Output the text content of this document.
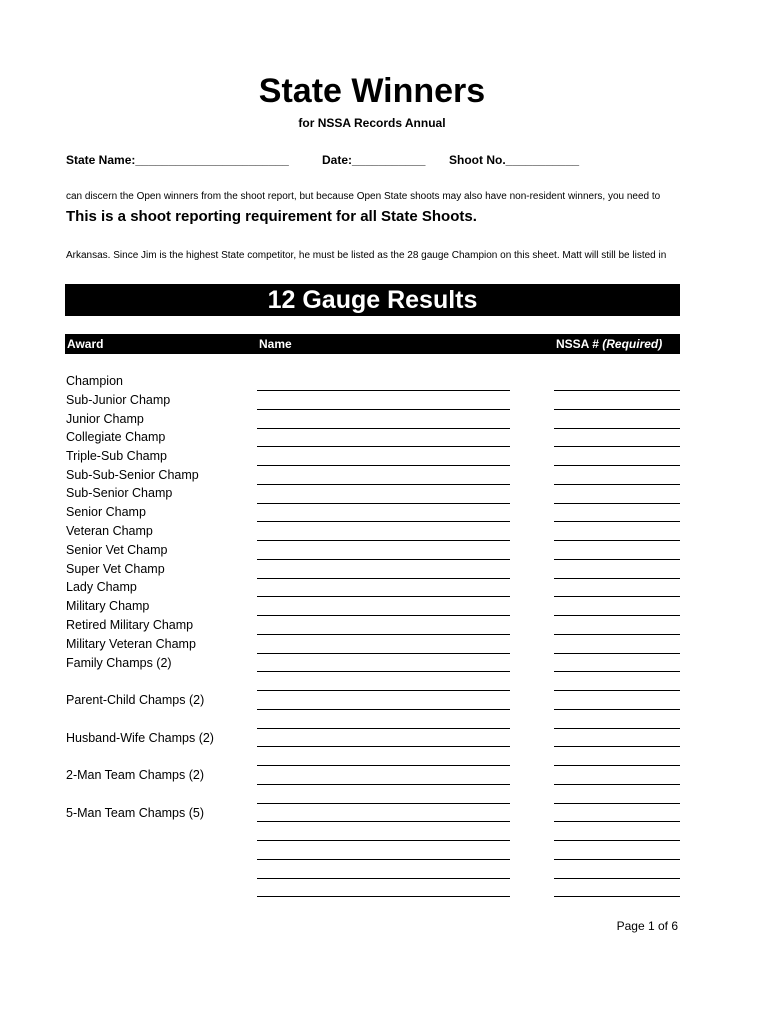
State Winners
for NSSA Records Annual
State Name:_______________________	Date:___________ Shoot No.___________
can discern the Open winners from the shoot report, but because Open State shoots may also have non-resident winners, you need to
This is a shoot reporting requirement for all State Shoots.
Arkansas. Since Jim is the highest State competitor, he must be listed as the 28 gauge Champion on this sheet. Matt will still be listed in
12 Gauge Results
Award	Name	NSSA # (Required)
Champion
Sub-Junior Champ
Junior Champ
Collegiate Champ
Triple-Sub Champ
Sub-Sub-Senior Champ
Sub-Senior Champ
Senior Champ
Veteran Champ
Senior Vet Champ
Super Vet Champ
Lady Champ
Military Champ
Retired Military Champ
Military Veteran Champ
Family Champs (2)
Parent-Child Champs (2)
Husband-Wife Champs (2)
2-Man Team Champs (2)
5-Man Team Champs (5)
Page 1 of 6
